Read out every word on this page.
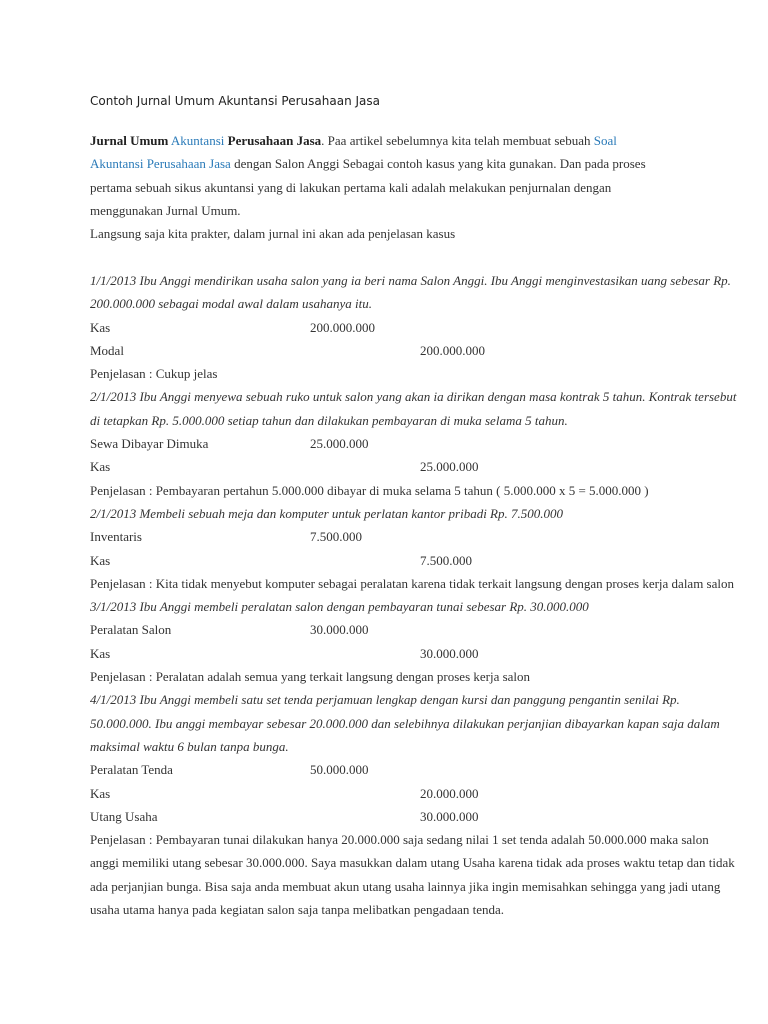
Contoh Jurnal Umum Akuntansi Perusahaan Jasa
Jurnal Umum Akuntansi Perusahaan Jasa. Paa artikel sebelumnya kita telah membuat sebuah Soal
Akuntansi Perusahaan Jasa dengan Salon Anggi Sebagai contoh kasus yang kita gunakan. Dan pada proses
pertama sebuah sikus akuntansi yang di lakukan pertama kali adalah melakukan penjurnalan dengan
menggunakan Jurnal Umum.
Langsung saja kita prakter, dalam jurnal ini akan ada penjelasan kasus
1/1/2013 Ibu Anggi mendirikan usaha salon yang ia beri nama Salon Anggi. Ibu Anggi menginvestasikan uang sebesar Rp.
200.000.000 sebagai modal awal dalam usahanya itu.
Kas	200.000.000
Modal	200.000.000
Penjelasan : Cukup jelas
2/1/2013 Ibu Anggi menyewa sebuah ruko untuk salon yang akan ia dirikan dengan masa kontrak 5 tahun. Kontrak tersebut
di tetapkan Rp. 5.000.000 setiap tahun dan dilakukan pembayaran di muka selama 5 tahun.
Sewa Dibayar Dimuka	25.000.000
Kas	25.000.000
Penjelasan : Pembayaran pertahun 5.000.000 dibayar di muka selama 5 tahun ( 5.000.000 x 5 = 5.000.000 )
2/1/2013 Membeli sebuah meja dan komputer untuk perlatan kantor pribadi Rp. 7.500.000
Inventaris	7.500.000
Kas	7.500.000
Penjelasan : Kita tidak menyebut komputer sebagai peralatan karena tidak terkait langsung dengan proses kerja dalam salon
3/1/2013 Ibu Anggi membeli peralatan salon dengan pembayaran tunai sebesar Rp. 30.000.000
Peralatan Salon	30.000.000
Kas	30.000.000
Penjelasan : Peralatan adalah semua yang terkait langsung dengan proses kerja salon
4/1/2013 Ibu Anggi membeli satu set tenda perjamuan lengkap dengan kursi dan panggung pengantin senilai Rp.
50.000.000. Ibu anggi membayar sebesar 20.000.000 dan selebihnya dilakukan perjanjian dibayarkan kapan saja dalam
maksimal waktu 6 bulan tanpa bunga.
Peralatan Tenda	50.000.000
Kas	20.000.000
Utang Usaha	30.000.000
Penjelasan : Pembayaran tunai dilakukan hanya 20.000.000 saja sedang nilai 1 set tenda adalah 50.000.000 maka salon
anggi memiliki utang sebesar 30.000.000. Saya masukkan dalam utang Usaha karena tidak ada proses waktu tetap dan tidak
ada perjanjian bunga. Bisa saja anda membuat akun utang usaha lainnya jika ingin memisahkan sehingga yang jadi utang
usaha utama hanya pada kegiatan salon saja tanpa melibatkan pengadaan tenda.
